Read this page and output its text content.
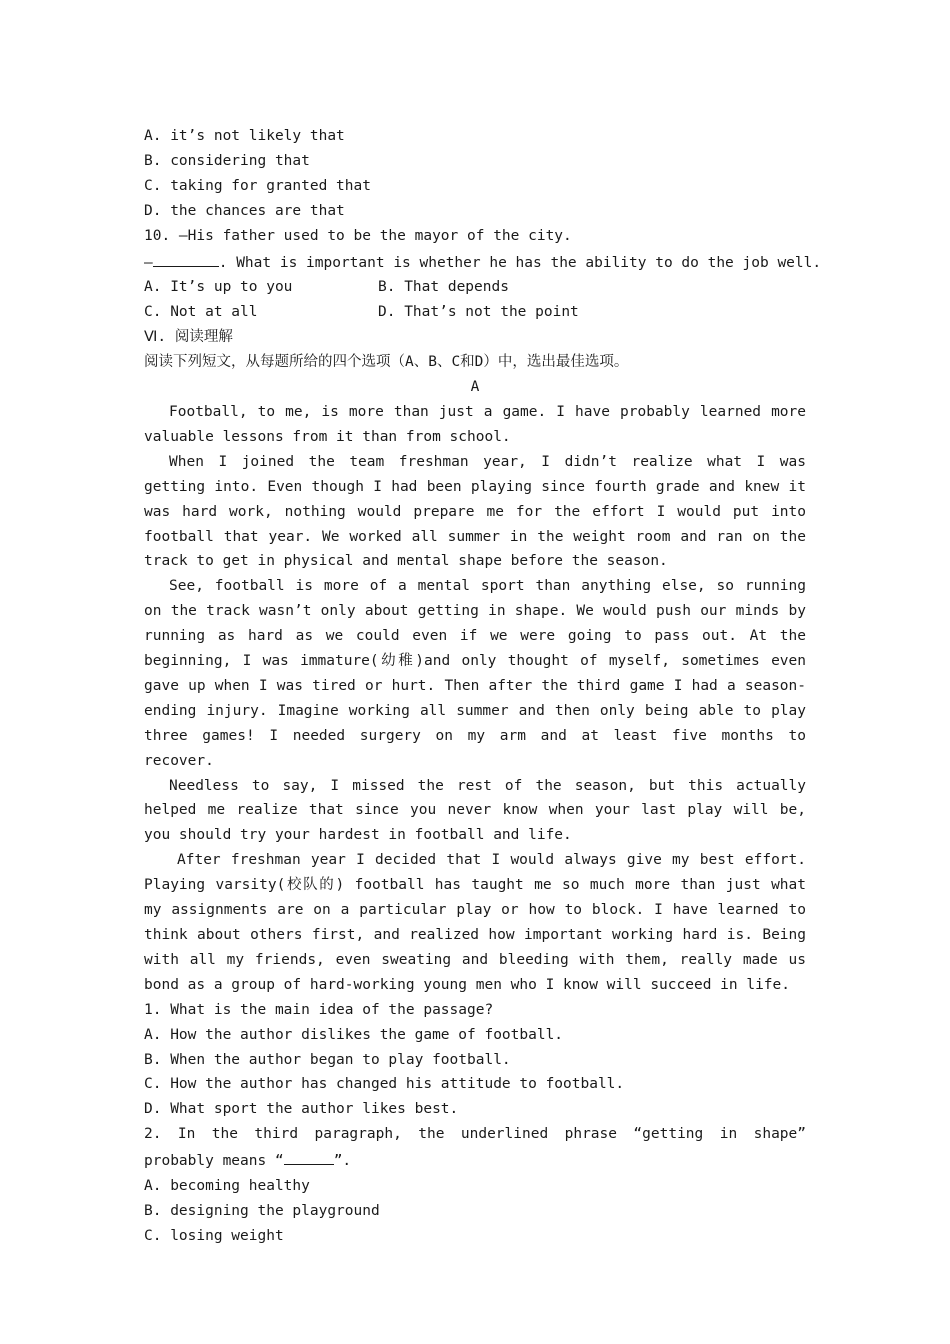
A. it’s not likely that
B. considering that
C. taking for granted that
D. the chances are that
10. —His father used to be the mayor of the city.
—	. What is important is whether he has the ability to do the job well.
A. It’s up to you	B. That depends
C. Not at all	D. That’s not the point
Ⅵ. 阅读理解
阅读下列短文，从每题所给的四个选项（A、B、C和D）中，选出最佳选项。
A

Football, to me, is more than just a game. I have probably learned more valuable lessons from it than from school.

When I joined the team freshman year, I didn’t realize what I was getting into. Even though I had been playing since fourth grade and knew it was hard work, nothing would prepare me for the effort I would put into football that year. We worked all summer in the weight room and ran on the track to get in physical and mental shape before the season.

See, football is more of a mental sport than anything else, so running on the track wasn’t only about getting in shape. We would push our minds by running as hard as we could even if we were going to pass out. At the beginning, I was immature(幼稚)and only thought of myself, sometimes even gave up when I was tired or hurt. Then after the third game I had a season-ending injury. Imagine working all summer and then only being able to play three games! I needed surgery on my arm and at least five months to recover.

Needless to say, I missed the rest of the season, but this actually helped me realize that since you never know when your last play will be, you should try your hardest in football and life.

After freshman year I decided that I would always give my best effort. Playing varsity(校队的) football has taught me so much more than just what my assignments are on a particular play or how to block. I have learned to think about others first, and realized how important working hard is. Being with all my friends, even sweating and bleeding with them, really made us bond as a group of hard-working young men who I know will succeed in life.

1. What is the main idea of the passage?
A. How the author dislikes the game of football.
B. When the author began to play football.
C. How the author has changed his attitude to football.
D. What sport the author likes best.

2. In the third paragraph, the underlined phrase “getting in shape” probably means “	”.

A. becoming healthy
B. designing the playground
C. losing weight
